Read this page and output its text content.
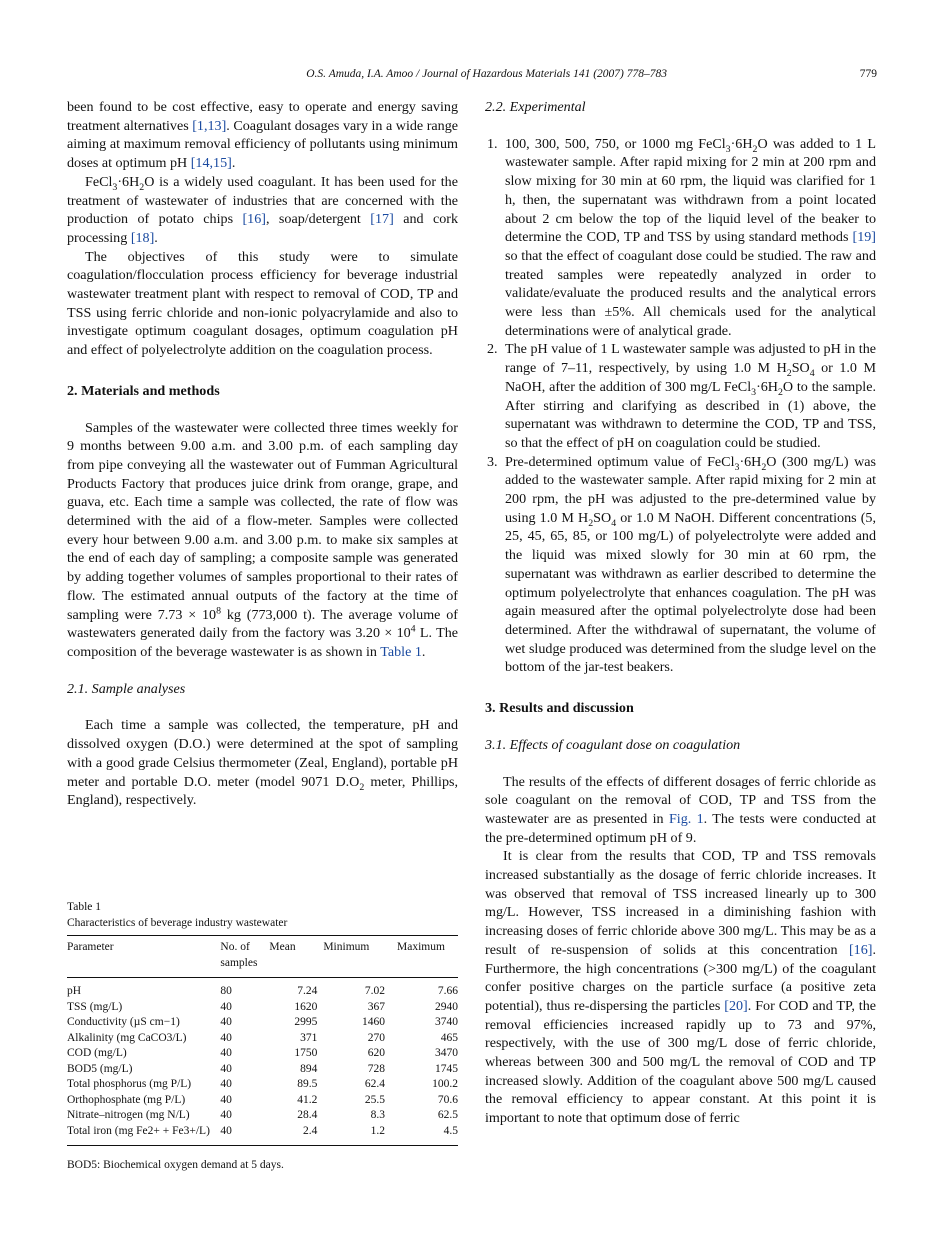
O.S. Amuda, I.A. Amoo / Journal of Hazardous Materials 141 (2007) 778–783	779

been found to be cost effective, easy to operate and energy saving treatment alternatives [1,13]. Coagulant dosages vary in a wide range aiming at maximum removal efficiency of pollutants using minimum doses at optimum pH [14,15].

$FeCl_3\cdot 6H_2O$ is a widely used coagulant. It has been used for the treatment of wastewater of industries that are concerned with the production of potato chips [16], soap/detergent [17] and cork processing [18].

The objectives of this study were to simulate coagulation/flocculation process efficiency for beverage industrial wastewater treatment plant with respect to removal of COD, TP and TSS using ferric chloride and non-ionic polyacrylamide and also to investigate optimum coagulant dosages, optimum coagulation pH and effect of polyelectrolyte addition on the coagulation process.

2. Materials and methods

Samples of the wastewater were collected three times weekly for 9 months between 9.00 a.m. and 3.00 p.m. of each sampling day from pipe conveying all the wastewater out of Fumman Agricultural Products Factory that produces juice drink from orange, grape, and guava, etc. Each time a sample was collected, the rate of flow was determined with the aid of a flow-meter. Samples were collected every hour between 9.00 a.m. and 3.00 p.m. to make six samples at the end of each day of sampling; a composite sample was generated by adding together volumes of samples proportional to their rates of flow. The estimated annual outputs of the factory at the time of sampling were $7.73 \times 10^8$ kg (773,000 t). The average volume of wastewaters generated daily from the factory was $3.20 \times 10^4$ L. The composition of the beverage wastewater is as shown in Table 1.

2.1. Sample analyses

Each time a sample was collected, the temperature, pH and dissolved oxygen (D.O.) were determined at the spot of sampling with a good grade Celsius thermometer (Zeal, England), portable pH meter and portable D.O. meter (model 9071 $D.O_2$ meter, Phillips, England), respectively.

Table 1
Characteristics of beverage industry wastewater
Parameter	No. of samples	Mean	Minimum	Maximum
pH	80	7.24	7.02	7.66
TSS (mg/L)	40	1620	367	2940
Conductivity (µS cm−1)	40	2995	1460	3740
Alkalinity (mg CaCO3/L)	40	371	270	465
COD (mg/L)	40	1750	620	3470
BOD5 (mg/L)	40	894	728	1745
Total phosphorus (mg P/L)	40	89.5	62.4	100.2
Orthophosphate (mg P/L)	40	41.2	25.5	70.6
Nitrate–nitrogen (mg N/L)	40	28.4	8.3	62.5
Total iron (mg Fe2+ + Fe3+/L)	40	2.4	1.2	4.5
BOD5: Biochemical oxygen demand at 5 days.
2.2. Experimental
1. 100, 300, 500, 750, or 1000 mg $FeCl_3\cdot 6H_2O$ was added to 1 L wastewater sample. After rapid mixing for 2 min at 200 rpm and slow mixing for 30 min at 60 rpm, the liquid was clarified for 1 h, then, the supernatant was withdrawn from a point located about 2 cm below the top of the liquid level of the beaker to determine the COD, TP and TSS by using standard methods [19] so that the effect of coagulant dose could be studied. The raw and treated samples were repeatedly analyzed in order to validate/evaluate the produced results and the analytical errors were less than ±5%. All chemicals used for the analytical determinations were of analytical grade.
2. The pH value of 1 L wastewater sample was adjusted to pH in the range of 7–11, respectively, by using 1.0 M $H_2SO_4$ or 1.0 M NaOH, after the addition of 300 mg/L $FeCl_3\cdot 6H_2O$ to the sample. After stirring and clarifying as described in (1) above, the supernatant was withdrawn to determine the COD, TP and TSS, so that the effect of pH on coagulation could be studied.
3. Pre-determined optimum value of $FeCl_3\cdot 6H_2O$ (300 mg/L) was added to the wastewater sample. After rapid mixing for 2 min at 200 rpm, the pH was adjusted to the pre-determined value by using 1.0 M $H_2SO_4$ or 1.0 M NaOH. Different concentrations (5, 25, 45, 65, 85, or 100 mg/L) of polyelectrolyte were added and the liquid was mixed slowly for 30 min at 60 rpm, the supernatant was withdrawn as earlier described to determine the optimum polyelectrolyte that enhances coagulation. The pH was again measured after the optimal polyelectrolyte dose had been determined. After the withdrawal of supernatant, the volume of wet sludge produced was determined from the sludge level on the bottom of the jar-test beakers.
3. Results and discussion
3.1. Effects of coagulant dose on coagulation

The results of the effects of different dosages of ferric chloride as sole coagulant on the removal of COD, TP and TSS from the wastewater are as presented in Fig. 1. The tests were conducted at the pre-determined optimum pH of 9.

It is clear from the results that COD, TP and TSS removals increased substantially as the dosage of ferric chloride increases. It was observed that removal of TSS increased linearly up to 300 mg/L. However, TSS increased in a diminishing fashion with increasing doses of ferric chloride above 300 mg/L. This may be as a result of re-suspension of solids at this concentration [16]. Furthermore, the high concentrations (>300 mg/L) of the coagulant confer positive charges on the particle surface (a positive zeta potential), thus re-dispersing the particles [20]. For COD and TP, the removal efficiencies increased rapidly up to 73 and 97%, respectively, with the use of 300 mg/L dose of ferric chloride, whereas between 300 and 500 mg/L the removal of COD and TP increased slowly. Addition of the coagulant above 500 mg/L caused the removal efficiency to appear constant. At this point it is important to note that optimum dose of ferric
